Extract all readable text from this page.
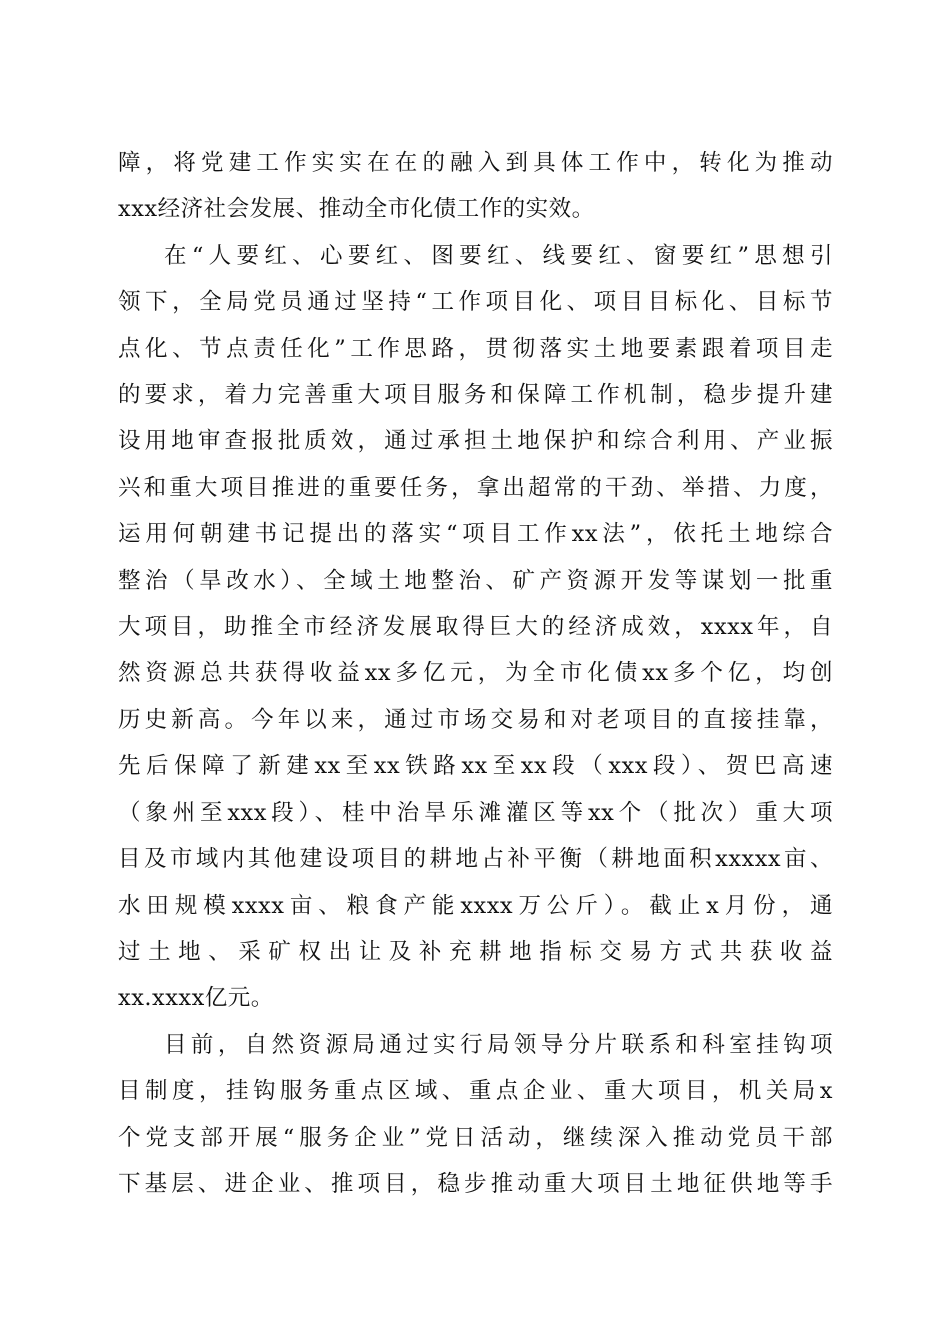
障，将党建工作实实在在的融入到具体工作中，转化为推动
xxx经济社会发展、推动全市化债工作的实效。

在“人要红、心要红、图要红、线要红、窗要红”思想引
领下，全局党员通过坚持“工作项目化、项目目标化、目标节
点化、节点责任化”工作思路，贯彻落实土地要素跟着项目走
的要求，着力完善重大项目服务和保障工作机制，稳步提升建
设用地审查报批质效，通过承担土地保护和综合利用、产业振
兴和重大项目推进的重要任务，拿出超常的干劲、举措、力度，
运用何朝建书记提出的落实“项目工作xx法”，依托土地综合
整治（旱改水）、全域土地整治、矿产资源开发等谋划一批重
大项目，助推全市经济发展取得巨大的经济成效，xxxx年，自
然资源总共获得收益xx多亿元，为全市化债xx多个亿，均创
历史新高。今年以来，通过市场交易和对老项目的直接挂靠，
先后保障了新建xx至xx铁路xx至xx段（xxx段）、贺巴高速
（象州至xxx段）、桂中治旱乐滩灌区等xx个（批次）重大项
目及市域内其他建设项目的耕地占补平衡（耕地面积xxxxx亩、
水田规模xxxx亩、粮食产能xxxx万公斤）。截止x月份，通
过土地、采矿权出让及补充耕地指标交易方式共获收益
xx.xxxx亿元。

目前，自然资源局通过实行局领导分片联系和科室挂钩项
目制度，挂钩服务重点区域、重点企业、重大项目，机关局x
个党支部开展“服务企业”党日活动，继续深入推动党员干部
下基层、进企业、推项目，稳步推动重大项目土地征供地等手
